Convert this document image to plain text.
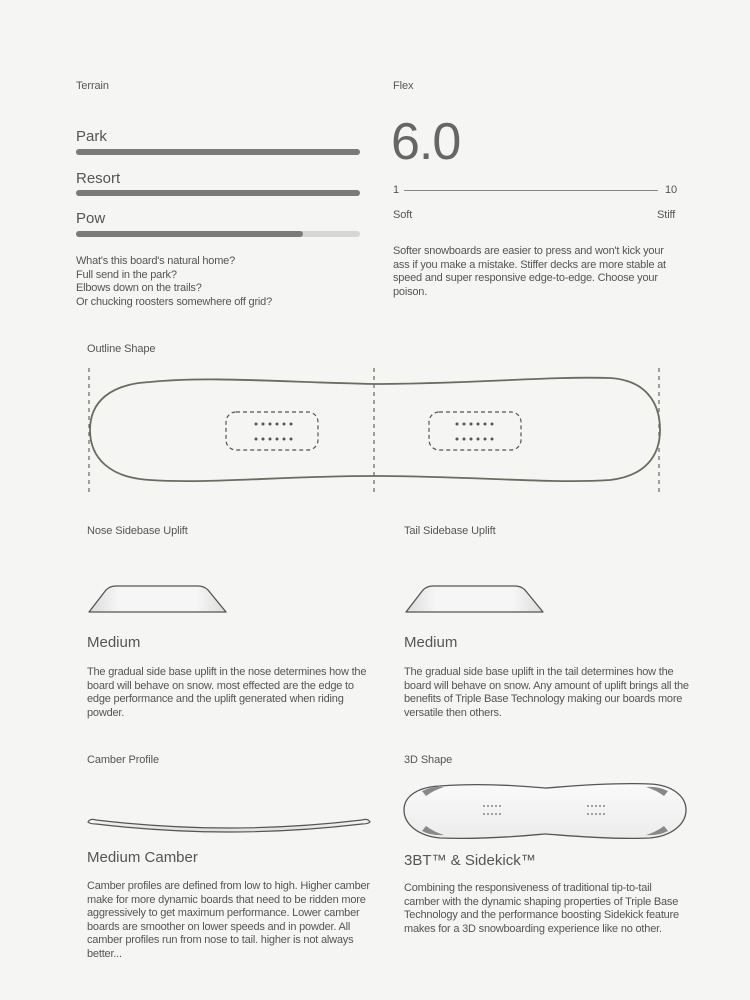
Terrain
Park
Resort
Pow
What's this board's natural home?
Full send in the park?
Elbows down on the trails?
Or chucking roosters somewhere off grid?
Flex
6.0
1	10
Soft	Stiff
Softer snowboards are easier to press and won't kick your
ass if you make a mistake. Stiffer decks are more stable at
speed and super responsive edge-to-edge. Choose your
poison.
Outline Shape
Nose Sidebase Uplift
Medium
The gradual side base uplift in the nose determines how the
board will behave on snow. most effected are the edge to
edge performance and the uplift generated when riding
powder.
Tail Sidebase Uplift
Medium
The gradual side base uplift in the tail determines how the
board will behave on snow. Any amount of uplift brings all the
benefits of Triple Base Technology making our boards more
versatile then others.
Camber Profile
Medium Camber
Camber profiles are defined from low to high. Higher camber
make for more dynamic boards that need to be ridden more
aggressively to get maximum performance. Lower camber
boards are smoother on lower speeds and in powder. All
camber profiles run from nose to tail. higher is not always
better...
3D Shape
3BT™ & Sidekick™
Combining the responsiveness of traditional tip-to-tail
camber with the dynamic shaping properties of Triple Base
Technology and the performance boosting Sidekick feature
makes for a 3D snowboarding experience like no other.
